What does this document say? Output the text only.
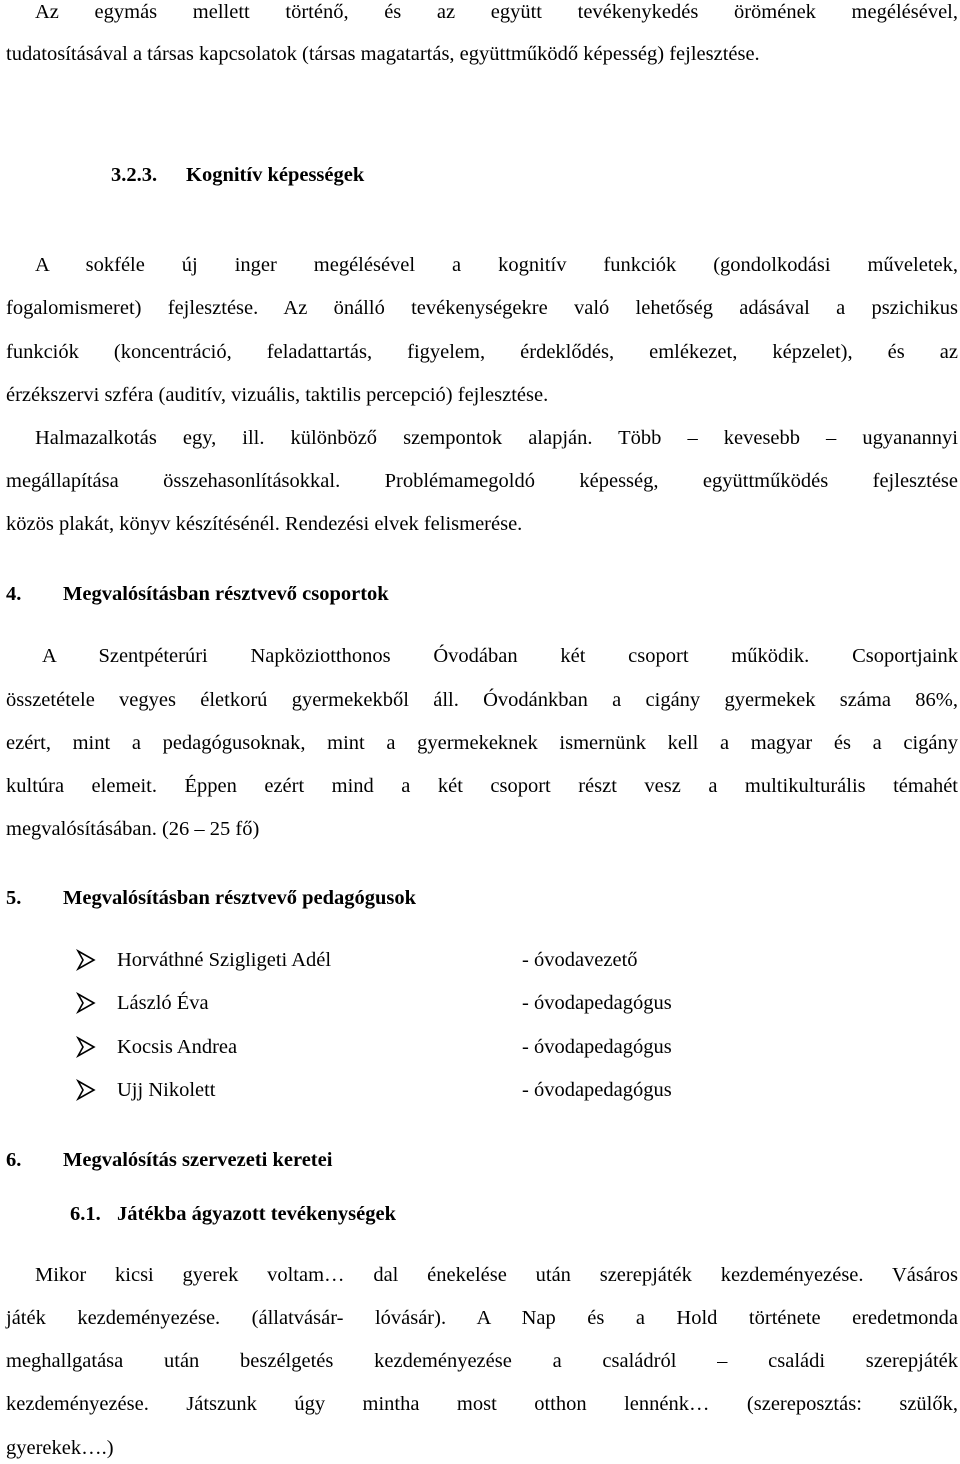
Az egymás mellett történő, és az együtt tevékenykedés örömének megélésével,
tudatosításával a társas kapcsolatok (társas magatartás, együttműködő képesség) fejlesztése.
3.2.3. Kognitív képességek
A sokféle új inger megélésével a kognitív funkciók (gondolkodási műveletek,
fogalomismeret) fejlesztése. Az önálló tevékenységekre való lehetőség adásával a pszichikus
funkciók (koncentráció, feladattartás, figyelem, érdeklődés, emlékezet, képzelet), és az
érzékszervi szféra (auditív, vizuális, taktilis percepció) fejlesztése.
Halmazalkotás egy, ill. különböző szempontok alapján. Több – kevesebb – ugyanannyi
megállapítása összehasonlításokkal. Problémamegoldó képesség, együttműködés fejlesztése
közös plakát, könyv készítésénél. Rendezési elvek felismerése.
4. Megvalósításban résztvevő csoportok
A Szentpéterúri Napköziotthonos Óvodában két csoport működik. Csoportjaink
összetétele vegyes életkorú gyermekekből áll. Óvodánkban a cigány gyermekek száma 86%,
ezért, mint a pedagógusoknak, mint a gyermekeknek ismernünk kell a magyar és a cigány
kultúra elemeit. Éppen ezért mind a két csoport részt vesz a multikulturális témahét
megvalósításában. (26 – 25 fő)
5. Megvalósításban résztvevő pedagógusok
Horváthné Szigligeti Adél	- óvodavezető
László Éva	- óvodapedagógus
Kocsis Andrea	- óvodapedagógus
Ujj Nikolett	- óvodapedagógus
6. Megvalósítás szervezeti keretei
6.1. Játékba ágyazott tevékenységek
Mikor kicsi gyerek voltam… dal énekelése után szerepjáték kezdeményezése. Vásáros
játék kezdeményezése. (állatvásár- lóvásár). A Nap és a Hold története eredetmonda
meghallgatása után beszélgetés kezdeményezése a családról – családi szerepjáték
kezdeményezése. Játszunk úgy mintha most otthon lennénk… (szereposztás: szülők,
gyerekek….)
